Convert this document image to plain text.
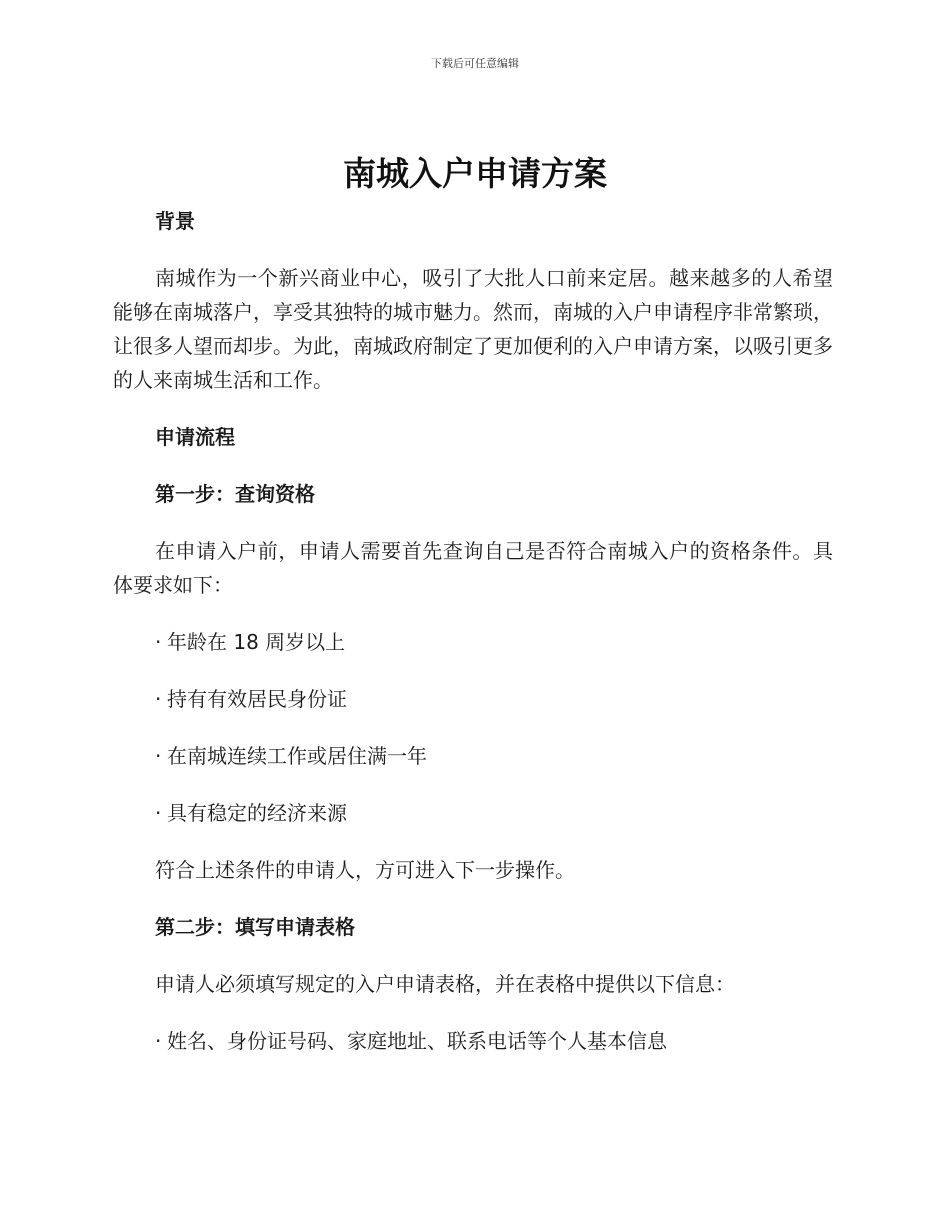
下载后可任意编辑
南城入户申请方案
背景
南城作为一个新兴商业中心，吸引了大批人口前来定居。越来越多的人希望能够在南城落户，享受其独特的城市魅力。然而，南城的入户申请程序非常繁琐，让很多人望而却步。为此，南城政府制定了更加便利的入户申请方案，以吸引更多的人来南城生活和工作。
申请流程
第一步：查询资格
在申请入户前，申请人需要首先查询自己是否符合南城入户的资格条件。具体要求如下：
· 年龄在 18 周岁以上
· 持有有效居民身份证
· 在南城连续工作或居住满一年
· 具有稳定的经济来源
符合上述条件的申请人，方可进入下一步操作。
第二步：填写申请表格
申请人必须填写规定的入户申请表格，并在表格中提供以下信息：
· 姓名、身份证号码、家庭地址、联系电话等个人基本信息
